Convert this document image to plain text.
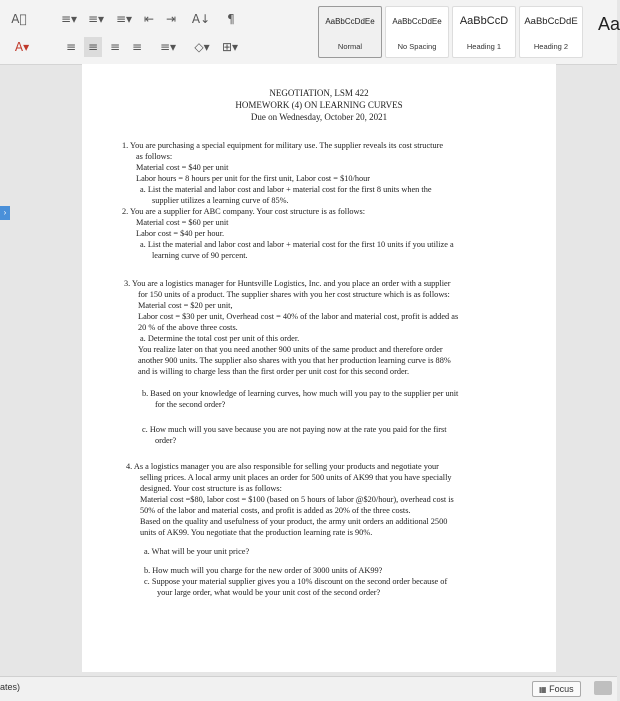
A⃝	≡▾ ≡▾ ≡▾ ⇤ ⇥	A↓	¶
A▾	≡ ≡ ≡ ≡	≡▾	◇▾	⊞▾
AaBbCcDdEe
Normal
AaBbCcDdEe
No Spacing
AaBbCcD
Heading 1
AaBbCcDdE
Heading 2
Aa
›
NEGOTIATION, LSM 422
HOMEWORK (4) ON LEARNING CURVES
Due on Wednesday, October 20, 2021
1. You are purchasing a special equipment for military use. The supplier reveals its cost structure
as follows:
Material cost = $40 per unit
Labor hours = 8 hours per unit for the first unit, Labor cost = $10/hour
a. List the material and labor cost and labor + material cost for the first 8 units when the
supplier utilizes a learning curve of 85%.
2. You are a supplier for ABC company. Your cost structure is as follows:
Material cost = $60 per unit
Labor cost = $40 per hour.
a. List the material and labor cost and labor + material cost for the first 10 units if you utilize a
learning curve of 90 percent.
3. You are a logistics manager for Huntsville Logistics, Inc. and you place an order with a supplier
for 150 units of a product. The supplier shares with you her cost structure which is as follows:
Material cost = $20 per unit,
Labor cost = $30 per unit, Overhead cost = 40% of the labor and material cost, profit is added as
20 % of the above three costs.
a. Determine the total cost per unit of this order.
You realize later on that you need another 900 units of the same product and therefore order
another 900 units. The supplier also shares with you that her production learning curve is 88%
and is willing to charge less than the first order per unit cost for this second order.
b. Based on your knowledge of learning curves, how much will you pay to the supplier per unit
for the second order?
c. How much will you save because you are not paying now at the rate you paid for the first
order?
4. As a logistics manager you are also responsible for selling your products and negotiate your
selling prices. A local army unit places an order for 500 units of AK99 that you have specially
designed. Your cost structure is as follows:
Material cost =$80, labor cost = $100 (based on 5 hours of labor @$20/hour), overhead cost is
50% of the labor and material costs, and profit is added as 20% of the three costs.
Based on the quality and usefulness of your product, the army unit orders an additional 2500
units of AK99. You negotiate that the production learning rate is 90%.
a. What will be your unit price?
b. How much will you charge for the new order of 3000 units of AK99?
c. Suppose your material supplier gives you a 10% discount on the second order because of
your large order, what would be your unit cost of the second order?
ates)	▦ Focus
